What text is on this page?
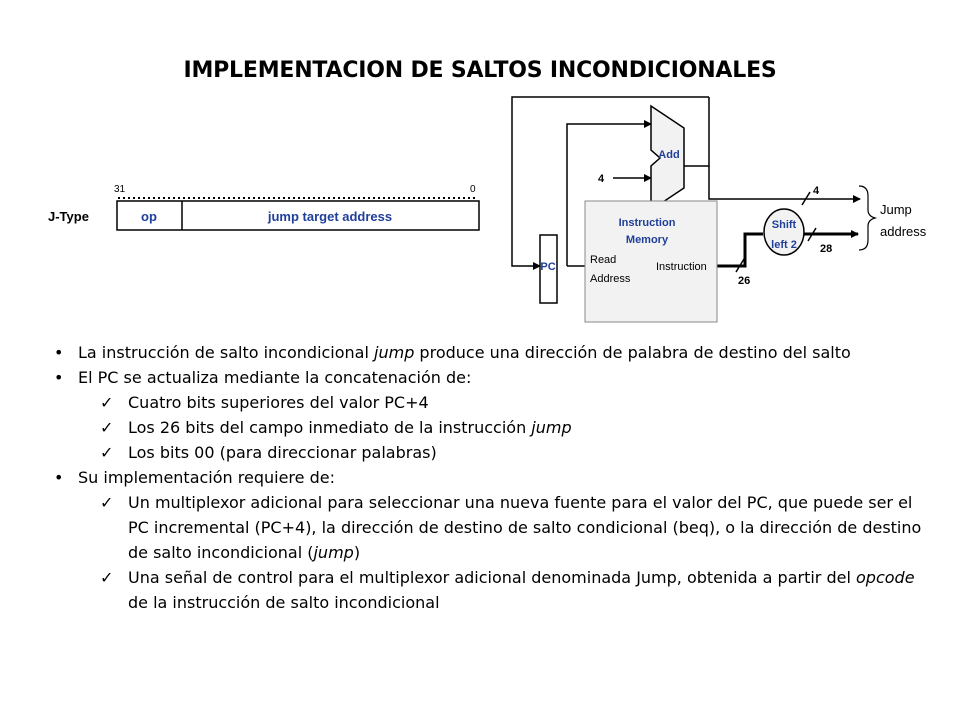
IMPLEMENTACION DE SALTOS INCONDICIONALES
J-Type
31	0
op	jump target address
Add
4
PC
Instruction
Memory
Read
Address
Instruction
Shift
left 2
4
28
26
Jump
address
• La instrucción de salto incondicional jump produce una dirección de palabra de destino del salto
• El PC se actualiza mediante la concatenación de:
✓ Cuatro bits superiores del valor PC+4
✓ Los 26 bits del campo inmediato de la instrucción jump
✓ Los bits 00 (para direccionar palabras)
• Su implementación requiere de:
✓ Un multiplexor adicional para seleccionar una nueva fuente para el valor del PC, que puede ser el PC incremental (PC+4), la dirección de destino de salto condicional (beq), o la dirección de destino de salto incondicional (jump)
✓ Una señal de control para el multiplexor adicional denominada Jump, obtenida a partir del opcode de la instrucción de salto incondicional
